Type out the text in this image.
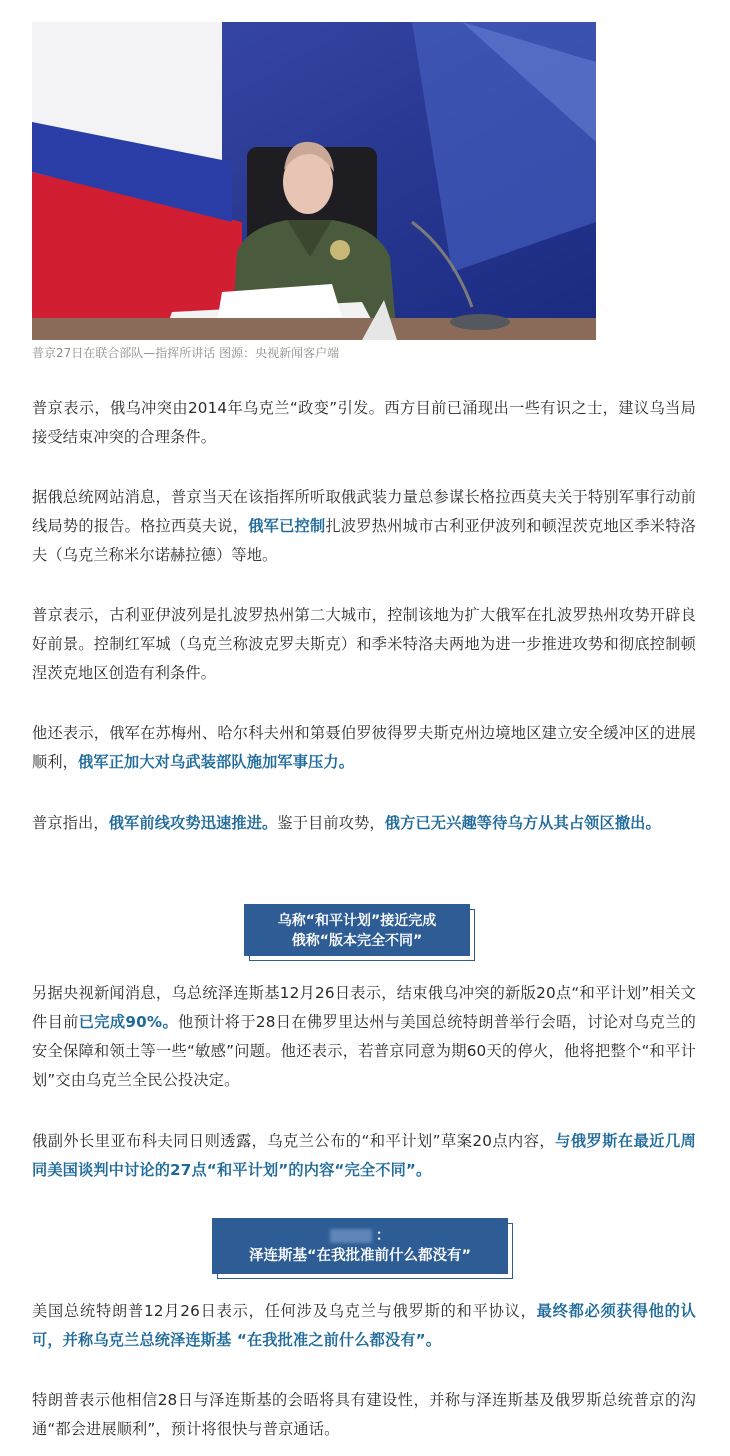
普京27日在联合部队—指挥所讲话 图源：央视新闻客户端
普京表示，俄乌冲突由2014年乌克兰“政变”引发。西方目前已涌现出一些有识之士，建议乌当局接受结束冲突的合理条件。
据俄总统网站消息，普京当天在该指挥所听取俄武装力量总参谋长格拉西莫夫关于特别军事行动前线局势的报告。格拉西莫夫说，俄军已控制扎波罗热州城市古利亚伊波列和顿涅茨克地区季米特洛夫（乌克兰称米尔诺赫拉德）等地。
普京表示，古利亚伊波列是扎波罗热州第二大城市，控制该地为扩大俄军在扎波罗热州攻势开辟良好前景。控制红军城（乌克兰称波克罗夫斯克）和季米特洛夫两地为进一步推进攻势和彻底控制顿涅茨克地区创造有利条件。
他还表示，俄军在苏梅州、哈尔科夫州和第聂伯罗彼得罗夫斯克州边境地区建立安全缓冲区的进展顺利，俄军正加大对乌武装部队施加军事压力。
普京指出，俄军前线攻势迅速推进。鉴于目前攻势，俄方已无兴趣等待乌方从其占领区撤出。
乌称“和平计划”接近完成
俄称“版本完全不同”
另据央视新闻消息，乌总统泽连斯基12月26日表示，结束俄乌冲突的新版20点“和平计划”相关文件目前已完成90%。他预计将于28日在佛罗里达州与美国总统特朗普举行会晤，讨论对乌克兰的安全保障和领土等一些“敏感”问题。他还表示，若普京同意为期60天的停火，他将把整个“和平计划”交由乌克兰全民公投决定。
俄副外长里亚布科夫同日则透露，乌克兰公布的“和平计划”草案20点内容，与俄罗斯在最近几周同美国谈判中讨论的27点“和平计划”的内容“完全不同”。
：
泽连斯基“在我批准前什么都没有”
美国总统特朗普12月26日表示，任何涉及乌克兰与俄罗斯的和平协议，最终都必须获得他的认可，并称乌克兰总统泽连斯基 “在我批准之前什么都没有”。
特朗普表示他相信28日与泽连斯基的会晤将具有建设性，并称与泽连斯基及俄罗斯总统普京的沟通“都会进展顺利”，预计将很快与普京通话。
